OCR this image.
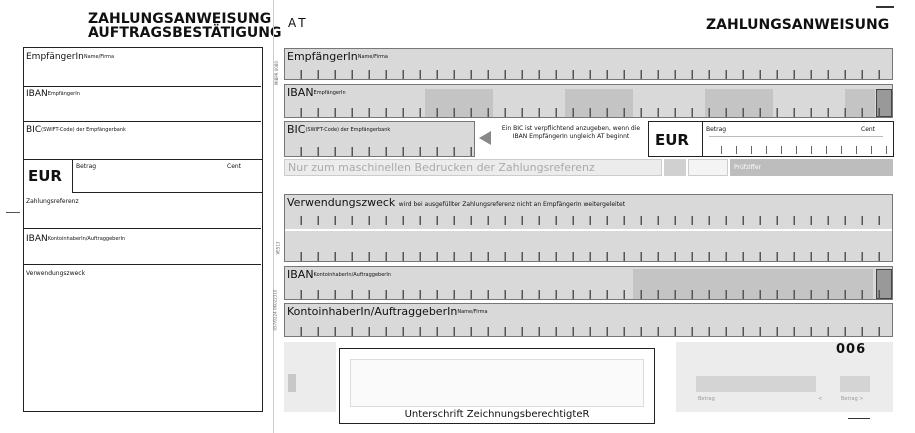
ZAHLUNGSANWEISUNG
AUFTRAGSBESTÄTIGUNG
EmpfängerIn$^{Name/Firma}$
$IBAN^{EmpfängerIn}$
$BIC^{(SWIFT-Code) der Empfängerbank}$
EUR
Betrag	Cent
Zahlungsreferenz
$IBAN^{KontoinhaberIn/AuftraggeberIn}$
Verwendungszweck
AT	ZAHLUNGSANWEISUNG
MIBPR 0080
VE513
057/0224 0K022310
EmpfängerIn$^{Name/Firma}$
$IBAN^{EmpfängerIn}$
$BIC^{(SWIFT-Code) der Empfängerbank}$	Ein BIC ist verpflichtend anzugeben, wenn die IBAN EmpfängerIn ungleich AT beginnt	EUR
Betrag	Cent
Nur zum maschinellen Bedrucken der Zahlungsreferenz	Prüfziffer
Verwendungszweck wird bei ausgefüllter Zahlungsreferenz nicht an EmpfängerIn weitergeleitet
$IBAN^{KontoinhaberIn/AuftraggeberIn}$
KontoinhaberIn/AuftraggeberIn$^{Name/Firma}$
Unterschrift ZeichnungsberechtigteR
Betrag	<	Betrag >
006
